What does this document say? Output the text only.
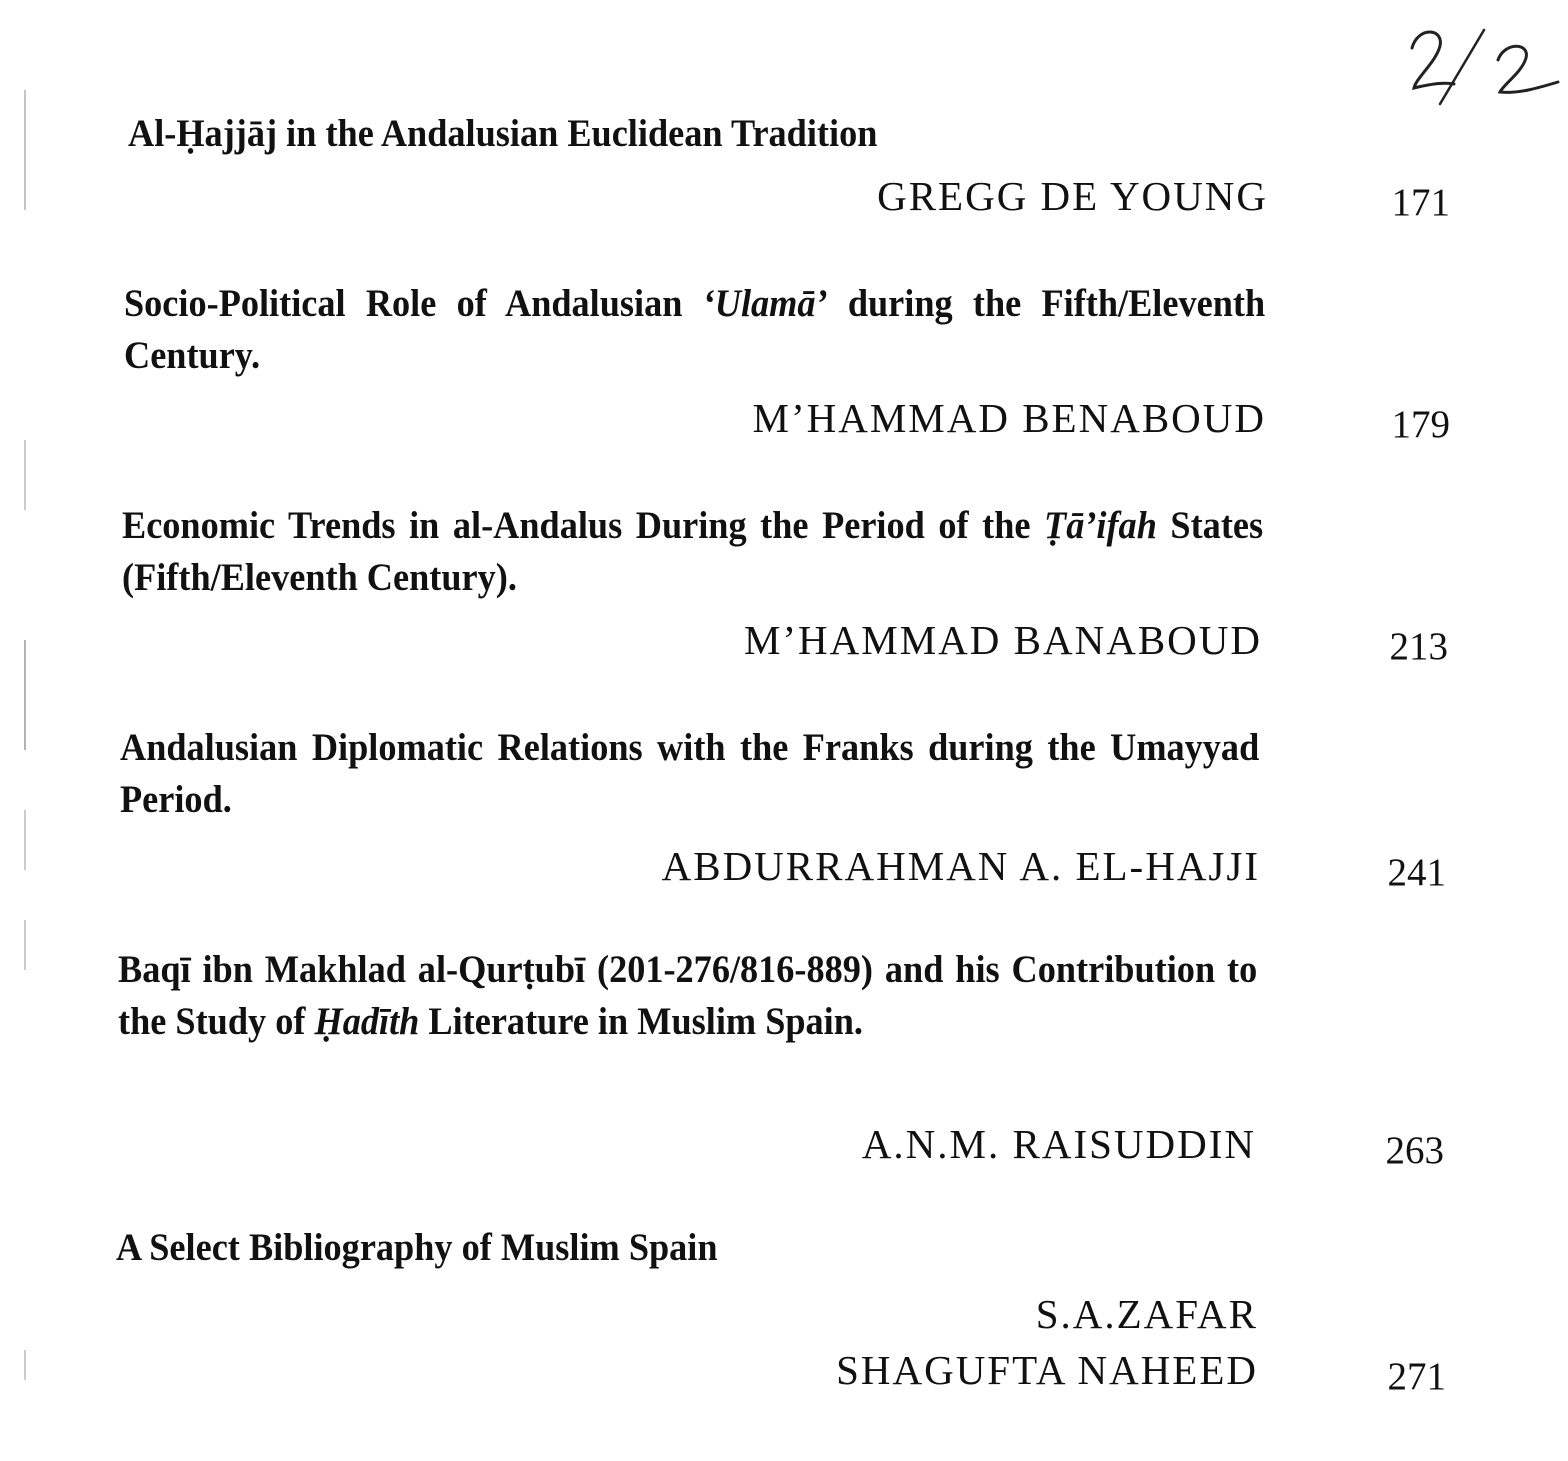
Al-Ḥajjāj in the Andalusian Euclidean Tradition
GREGG DE YOUNG	171
Socio-Political Role of Andalusian ‘Ulamā’ during the Fifth/Eleventh Century.
M’HAMMAD BENABOUD	179
Economic Trends in al-Andalus During the Period of the Ṭā’ifah States (Fifth/Eleventh Century).
M’HAMMAD BANABOUD	213
Andalusian Diplomatic Relations with the Franks during the Umayyad Period.
ABDURRAHMAN A. EL-HAJJI	241
Baqī ibn Makhlad al-Qurṭubī (201-276/816-889) and his Contribution to the Study of Ḥadīth Literature in Muslim Spain.
A.N.M. RAISUDDIN	263
A Select Bibliography of Muslim Spain
S.A.ZAFAR
SHAGUFTA NAHEED	271
